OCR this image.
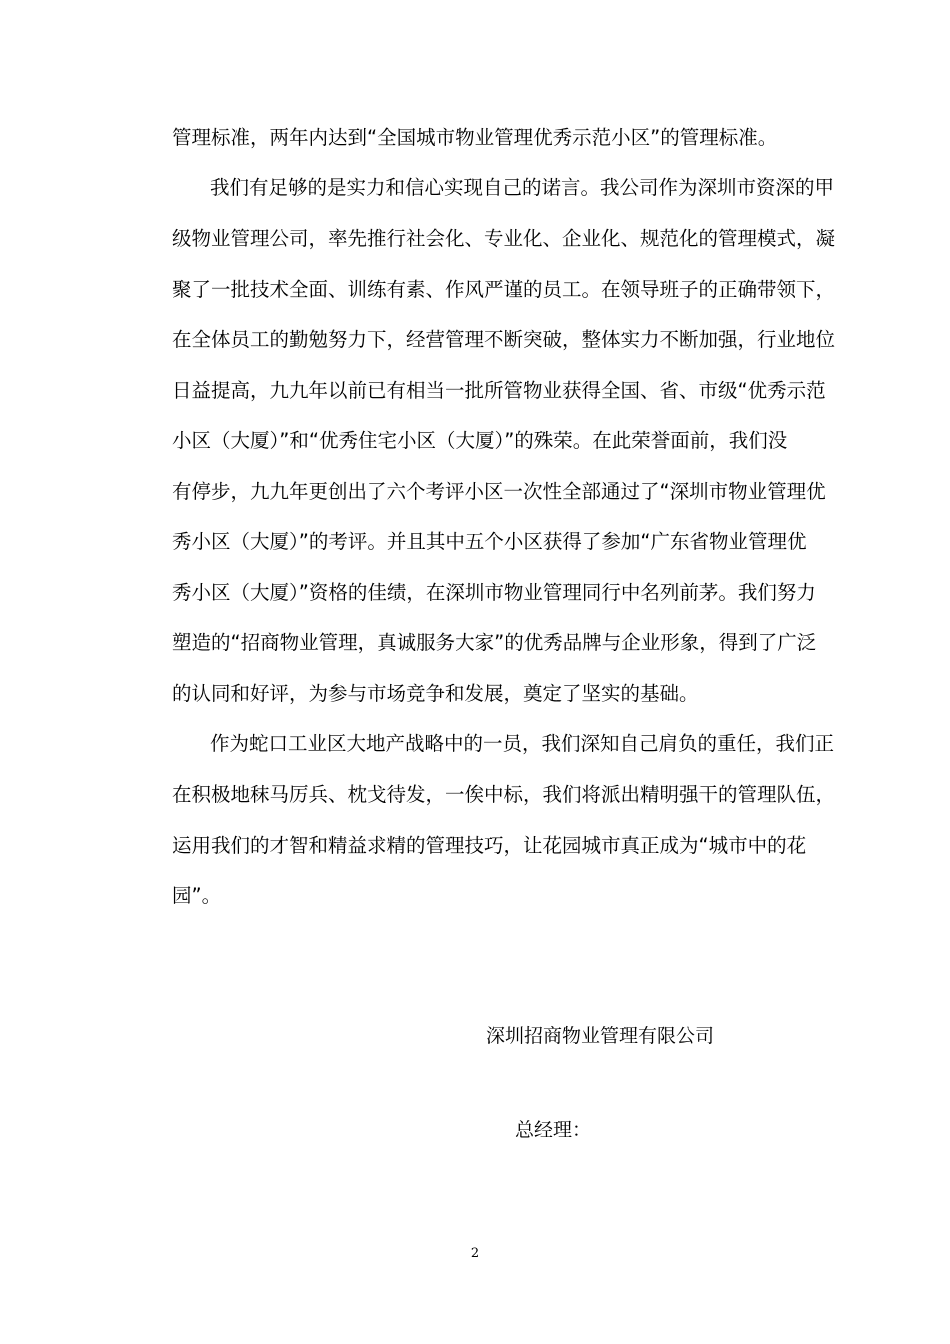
管理标准，两年内达到“全国城市物业管理优秀示范小区”的管理标准。
我们有足够的是实力和信心实现自己的诺言。我公司作为深圳市资深的甲
级物业管理公司，率先推行社会化、专业化、企业化、规范化的管理模式，凝
聚了一批技术全面、训练有素、作风严谨的员工。在领导班子的正确带领下，
在全体员工的勤勉努力下，经营管理不断突破，整体实力不断加强，行业地位
日益提高，九九年以前已有相当一批所管物业获得全国、省、市级“优秀示范
小区（大厦）”和“优秀住宅小区（大厦）”的殊荣。在此荣誉面前，我们没
有停步，九九年更创出了六个考评小区一次性全部通过了“深圳市物业管理优
秀小区（大厦）”的考评。并且其中五个小区获得了参加“广东省物业管理优
秀小区（大厦）”资格的佳绩，在深圳市物业管理同行中名列前茅。我们努力
塑造的“招商物业管理，真诚服务大家”的优秀品牌与企业形象，得到了广泛
的认同和好评，为参与市场竞争和发展，奠定了坚实的基础。
作为蛇口工业区大地产战略中的一员，我们深知自己肩负的重任，我们正
在积极地秣马厉兵、枕戈待发，一俟中标，我们将派出精明强干的管理队伍，
运用我们的才智和精益求精的管理技巧，让花园城市真正成为“城市中的花
园”。
深圳招商物业管理有限公司
总经理：
2
